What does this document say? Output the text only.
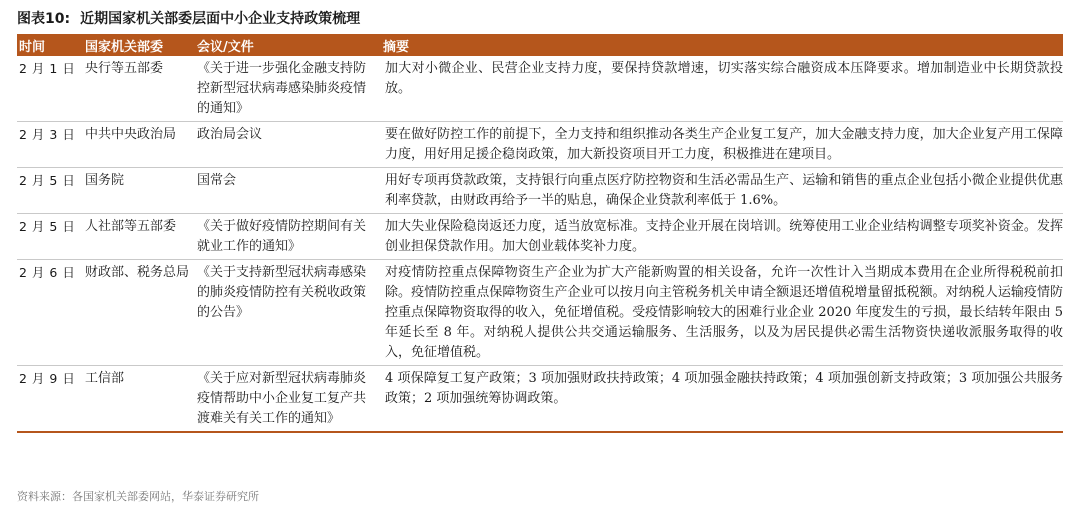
图表10: 近期国家机关部委层面中小企业支持政策梳理
时间	国家机关部委	会议/文件	摘要
2 月 1 日	央行等五部委	《关于进一步强化金融支持防控新型冠状病毒感染肺炎疫情的通知》	加大对小微企业、民营企业支持力度，要保持贷款增速，切实落实综合融资成本压降要求。增加制造业中长期贷款投放。
2 月 3 日	中共中央政治局	政治局会议	要在做好防控工作的前提下，全力支持和组织推动各类生产企业复工复产，加大金融支持力度，加大企业复产用工保障力度，用好用足援企稳岗政策，加大新投资项目开工力度，积极推进在建项目。
2 月 5 日	国务院	国常会	用好专项再贷款政策，支持银行向重点医疗防控物资和生活必需品生产、运输和销售的重点企业包括小微企业提供优惠利率贷款，由财政再给予一半的贴息，确保企业贷款利率低于 1.6%。
2 月 5 日	人社部等五部委	《关于做好疫情防控期间有关就业工作的通知》	加大失业保险稳岗返还力度，适当放宽标准。支持企业开展在岗培训。统筹使用工业企业结构调整专项奖补资金。发挥创业担保贷款作用。加大创业载体奖补力度。
2 月 6 日	财政部、税务总局	《关于支持新型冠状病毒感染的肺炎疫情防控有关税收政策的公告》	对疫情防控重点保障物资生产企业为扩大产能新购置的相关设备，允许一次性计入当期成本费用在企业所得税税前扣除。疫情防控重点保障物资生产企业可以按月向主管税务机关申请全额退还增值税增量留抵税额。对纳税人运输疫情防控重点保障物资取得的收入，免征增值税。受疫情影响较大的困难行业企业 2020 年度发生的亏损，最长结转年限由 5 年延长至 8 年。对纳税人提供公共交通运输服务、生活服务，以及为居民提供必需生活物资快递收派服务取得的收入，免征增值税。
2 月 9 日	工信部	《关于应对新型冠状病毒肺炎疫情帮助中小企业复工复产共渡难关有关工作的通知》	4 项保障复工复产政策；3 项加强财政扶持政策；4 项加强金融扶持政策；4 项加强创新支持政策；3 项加强公共服务政策；2 项加强统筹协调政策。
资料来源：各国家机关部委网站，华泰证券研究所
